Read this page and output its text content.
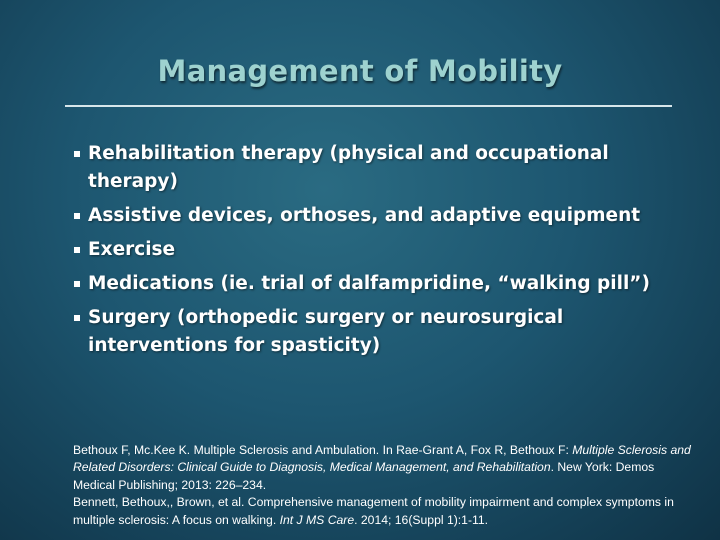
Management of Mobility
Rehabilitation therapy (physical and occupational therapy)
Assistive devices, orthoses, and adaptive equipment
Exercise
Medications (ie. trial of dalfampridine, “walking pill”)
Surgery (orthopedic surgery or neurosurgical interventions for spasticity)

Bethoux F, Mc.Kee K. Multiple Sclerosis and Ambulation. In Rae-Grant A, Fox R, Bethoux F: Multiple Sclerosis and Related Disorders: Clinical Guide to Diagnosis, Medical Management, and Rehabilitation. New York: Demos Medical Publishing; 2013: 226–234.

Bennett, Bethoux,, Brown, et al. Comprehensive management of mobility impairment and complex symptoms in multiple sclerosis: A focus on walking. Int J MS Care. 2014; 16(Suppl 1):1-11.
